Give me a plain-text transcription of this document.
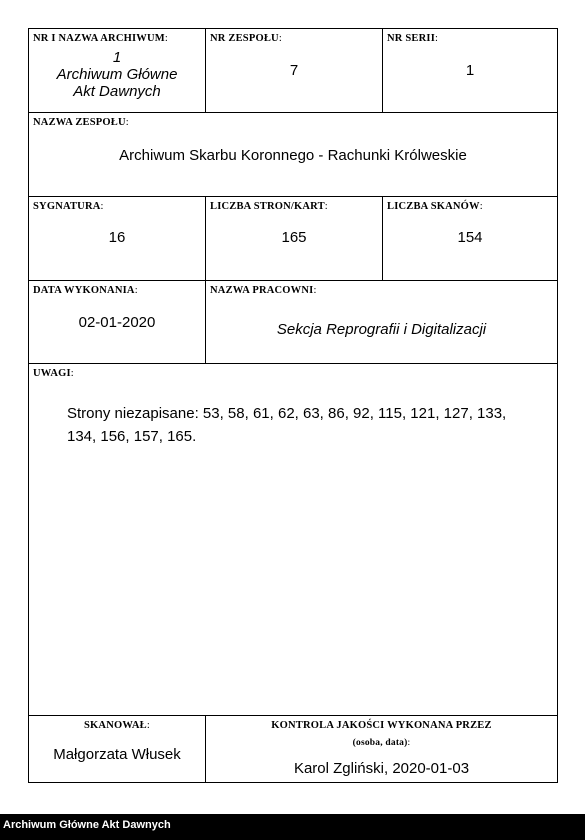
NR I NAZWA ARCHIWUM:
1
Archiwum Główne
Akt Dawnych
NR ZESPOŁU:
7
NR SERII:
1
NAZWA ZESPOŁU:
Archiwum Skarbu Koronnego - Rachunki Królweskie
SYGNATURA:
16
LICZBA STRON/KART:
165
LICZBA SKANÓW:
154
DATA WYKONANIA:
02-01-2020
NAZWA PRACOWNI:
Sekcja Reprografii i Digitalizacji
UWAGI:
Strony niezapisane: 53, 58, 61, 62, 63, 86, 92, 115, 121, 127, 133,
134, 156, 157, 165.
SKANOWAŁ:
Małgorzata Włusek
KONTROLA JAKOŚCI WYKONANA PRZEZ
(osoba, data):
Karol Zgliński, 2020-01-03
Archiwum Główne Akt Dawnych
